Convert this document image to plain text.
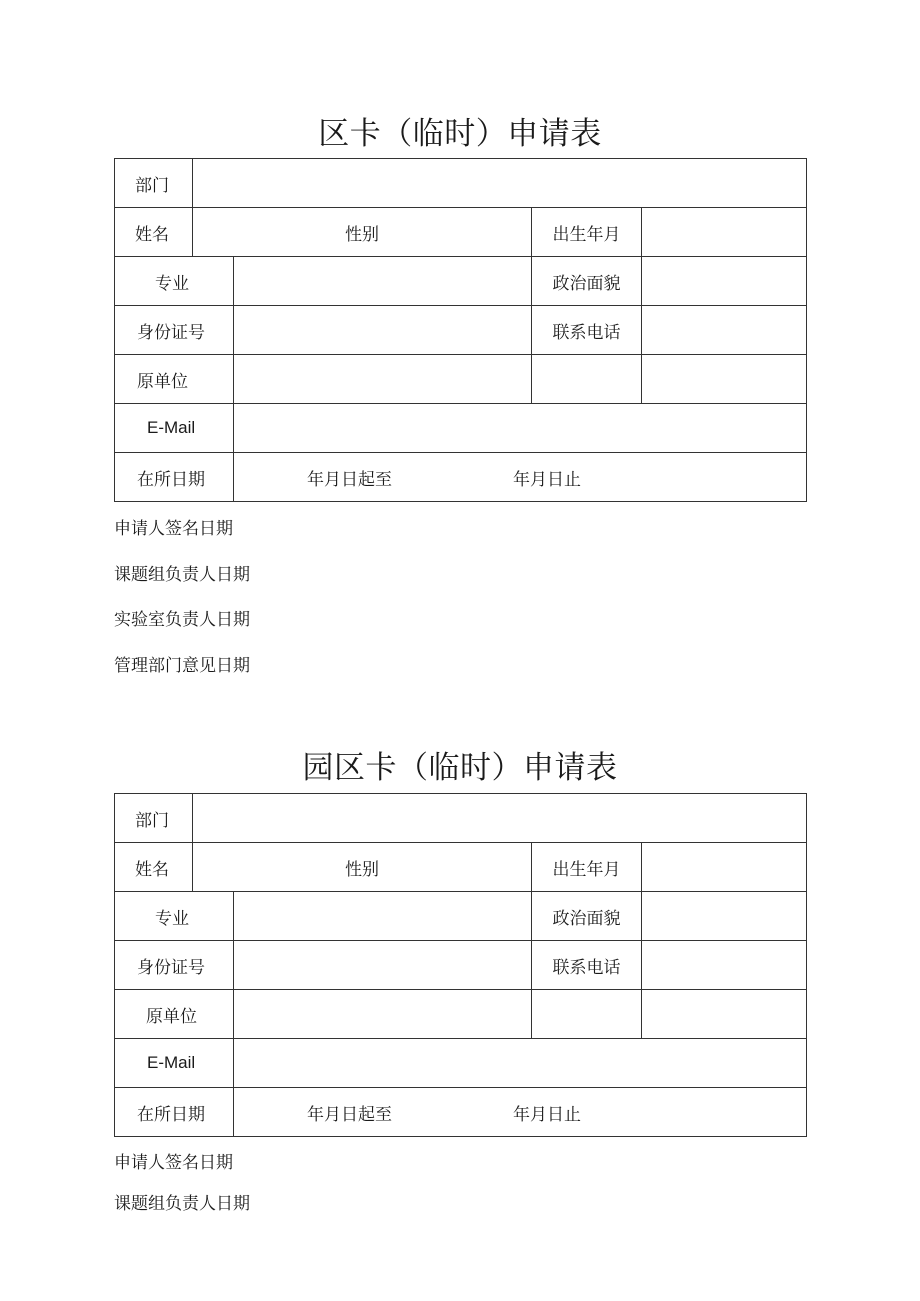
区卡（临时）申请表
部门				
姓名	性别		出生年月	
专业			政治面貌	
身份证号			联系电话	
原单位				
E-Mail				
在所日期		年月日起至 年月日止		
申请人签名日期
课题组负责人日期
实验室负责人日期
管理部门意见日期
园区卡（临时）申请表
部门				
姓名	性别		出生年月	
专业			政治面貌	
身份证号			联系电话	
原单位				
E-Mail				
在所日期		年月日起至 年月日止		
申请人签名日期
课题组负责人日期
